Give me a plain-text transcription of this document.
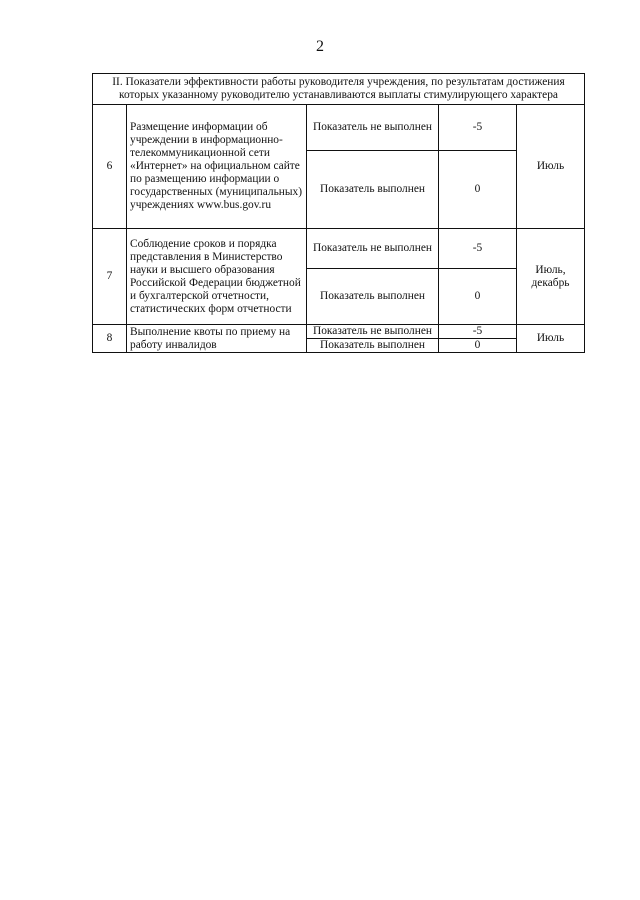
2
II. Показатели эффективности работы руководителя учреждения, по результатам достижения которых указанному руководителю устанавливаются выплаты стимулирующего характера				
6	Размещение информации об учреждении в информационно-телекоммуникационной сети «Интернет» на официальном сайте по размещению информации о государственных (муниципальных) учреждениях www.bus.gov.ru	Показатель не выполнен	-5	Июль
		Показатель выполнен	0	
7	Соблюдение сроков и порядка представления в Министерство науки и высшего образования Российской Федерации бюджетной и бухгалтерской отчетности, статистических форм отчетности	Показатель не выполнен	-5	Июль, декабрь
		Показатель выполнен	0	
8	Выполнение квоты по приему на работу инвалидов	Показатель не выполнен	-5	Июль
		Показатель выполнен	0	
